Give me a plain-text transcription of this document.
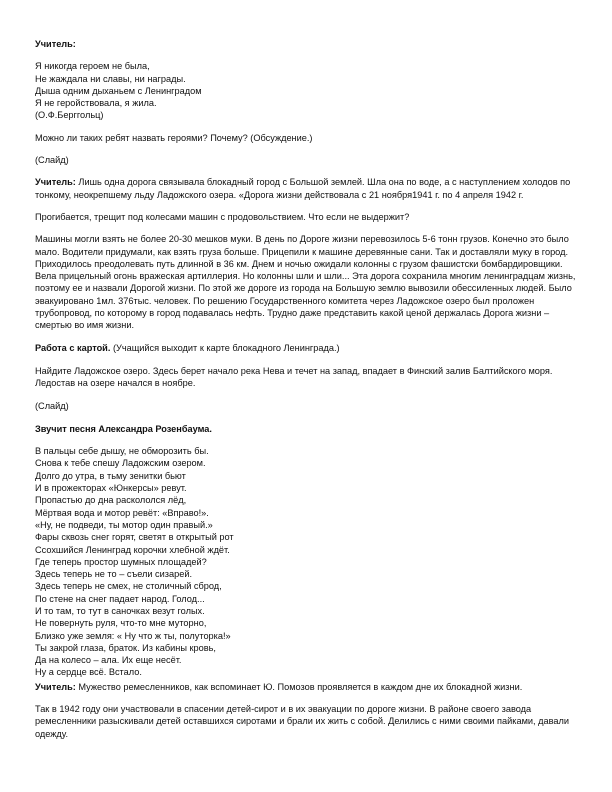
Учитель:

Я никогда героем не была,
Не жаждала ни славы, ни награды.
Дыша одним дыханьем с Ленинградом
Я не геройствовала, я жила.
(О.Ф.Берггольц)

Можно ли таких ребят назвать героями? Почему? (Обсуждение.)

(Слайд)

Учитель: Лишь одна дорога связывала блокадный город с Большой землей. Шла она по воде, а с наступлением холодов по тонкому, неокрепшему льду Ладожского озера. «Дорога жизни действовала с 21 ноября1941 г. по 4 апреля 1942 г.

Прогибается, трещит под колесами машин с продовольствием. Что если не выдержит?

Машины могли взять не более 20-30 мешков муки. В день по Дороге жизни перевозилось 5-6 тонн грузов. Конечно это было мало. Водители придумали, как взять груза больше. Прицепили к машине деревянные сани. Так и доставляли муку в город. Приходилось преодолевать путь длинной в 36 км. Днем и ночью ожидали колонны с грузом фашистски бомбардировщики. Вела прицельный огонь вражеская артиллерия. Но колонны шли и шли... Эта дорога сохранила многим ленинградцам жизнь, поэтому ее и назвали Дорогой жизни. По этой же дороге из города на Большую землю вывозили обессиленных людей. Было эвакуировано 1мл. 376тыс. человек. По решению Государственного комитета через Ладожское озеро был проложен трубопровод, по которому в город подавалась нефть. Трудно даже представить какой ценой держалась Дорога жизни – смертью во имя жизни.

Работа с картой. (Учащийся выходит к карте блокадного Ленинграда.)

Найдите Ладожское озеро. Здесь берет начало река Нева и течет на запад, впадает в Финский залив Балтийского моря. Ледостав на озере начался в ноябре.

(Слайд)

Звучит песня Александра Розенбаума.

В пальцы себе дышу, не обморозить бы.
Снова к тебе спешу Ладожским озером.
Долго до утра, в тьму зенитки бьют
И в прожекторах «Юнкерсы» ревут.
Пропастью до дна раскололся лёд,
Мёртвая вода и мотор ревёт: «Вправо!».
«Ну, не подведи, ты мотор один правый.»
Фары сквозь снег горят, светят в открытый рот
Ссохшийся Ленинград корочки хлебной ждёт.
Где теперь простор шумных площадей?
Здесь теперь не то – съели сизарей.
Здесь теперь не смех, не столичный сброд,
По стене на снег падает народ. Голод...
И то там, то тут в саночках везут голых.
Не повернуть руля, что-то мне муторно,
Близко уже земля: « Ну что ж ты, полуторка!»
Ты закрой глаза, браток. Из кабины кровь,
Да на колесо – ала. Их еще несёт.
Ну а сердце всё. Встало.

Учитель: Мужество ремесленников, как вспоминает Ю. Помозов проявляется в каждом дне их блокадной жизни.

Так в 1942 году они участвовали в спасении детей-сирот и в их эвакуации по дороге жизни. В районе своего завода ремесленники разыскивали детей оставшихся сиротами и брали их жить с собой. Делились с ними своими пайками, давали одежду.
